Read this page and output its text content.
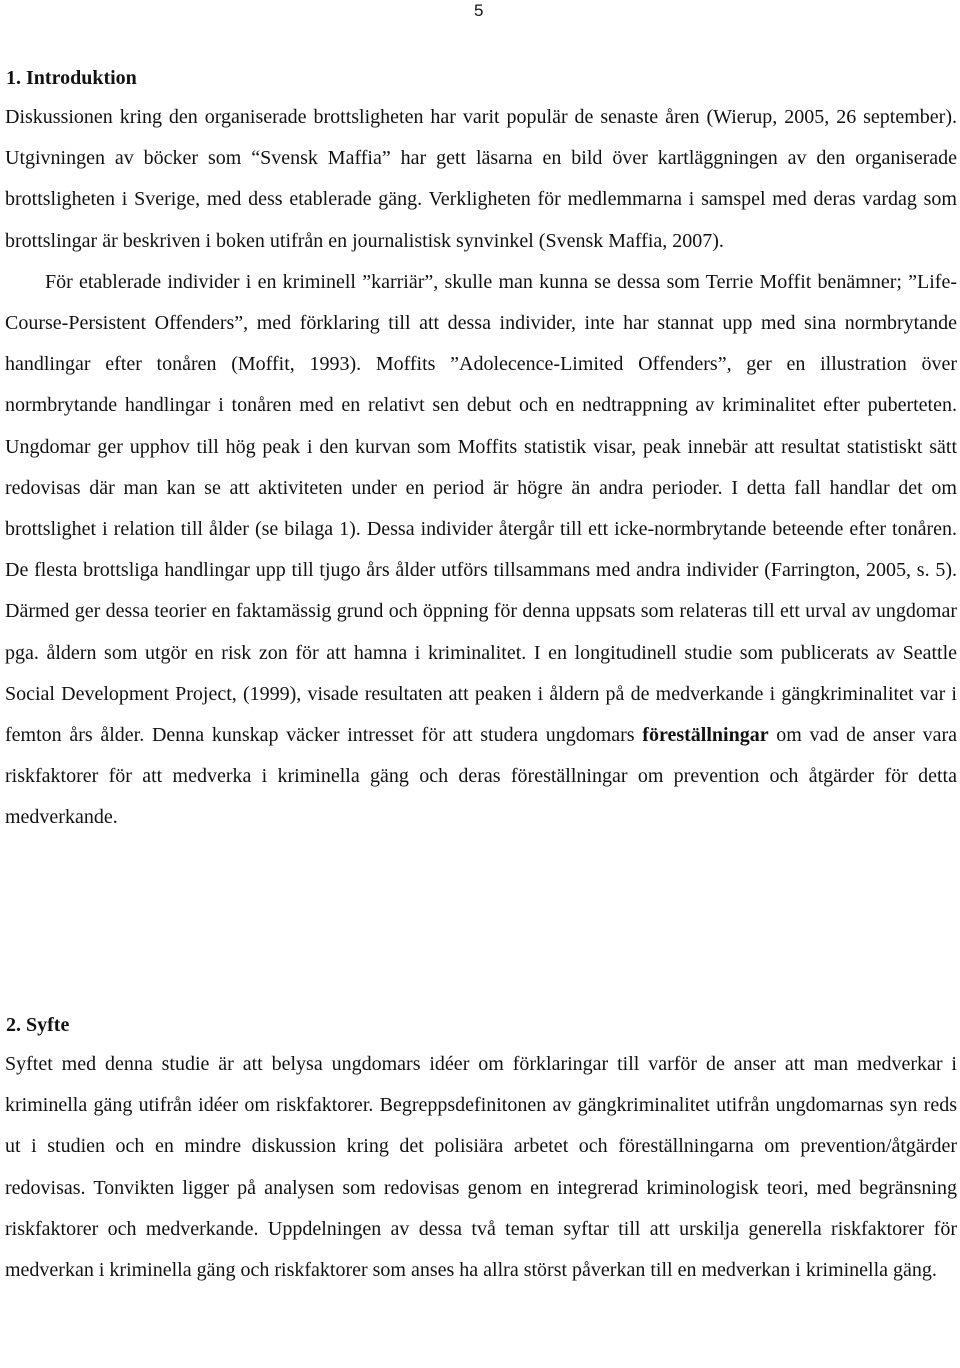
5
1. Introduktion

Diskussionen kring den organiserade brottsligheten har varit populär de senaste åren (Wierup, 2005, 26 september). Utgivningen av böcker som “Svensk Maffia” har gett läsarna en bild över kartläggningen av den organiserade brottsligheten i Sverige, med dess etablerade gäng. Verkligheten för medlemmarna i samspel med deras vardag som brottslingar är beskriven i boken utifrån en journalistisk synvinkel (Svensk Maffia, 2007).

För etablerade individer i en kriminell ”karriär”, skulle man kunna se dessa som Terrie Moffit benämner; ”Life-Course-Persistent Offenders”, med förklaring till att dessa individer, inte har stannat upp med sina normbrytande handlingar efter tonåren (Moffit, 1993). Moffits ”Adolecence-Limited Offenders”, ger en illustration över normbrytande handlingar i tonåren med en relativt sen debut och en nedtrappning av kriminalitet efter puberteten. Ungdomar ger upphov till hög peak i den kurvan som Moffits statistik visar, peak innebär att resultat statistiskt sätt redovisas där man kan se att aktiviteten under en period är högre än andra perioder. I detta fall handlar det om brottslighet i relation till ålder (se bilaga 1). Dessa individer återgår till ett icke-normbrytande beteende efter tonåren. De flesta brottsliga handlingar upp till tjugo års ålder utförs tillsammans med andra individer (Farrington, 2005, s. 5). Därmed ger dessa teorier en faktamässig grund och öppning för denna uppsats som relateras till ett urval av ungdomar pga. åldern som utgör en risk zon för att hamna i kriminalitet. I en longitudinell studie som publicerats av Seattle Social Development Project, (1999), visade resultaten att peaken i åldern på de medverkande i gängkriminalitet var i femton års ålder. Denna kunskap väcker intresset för att studera ungdomars föreställningar om vad de anser vara riskfaktorer för att medverka i kriminella gäng och deras föreställningar om prevention och åtgärder för detta medverkande.

2. Syfte

Syftet med denna studie är att belysa ungdomars idéer om förklaringar till varför de anser att man medverkar i kriminella gäng utifrån idéer om riskfaktorer. Begreppsdefinitonen av gängkriminalitet utifrån ungdomarnas syn reds ut i studien och en mindre diskussion kring det polisiära arbetet och föreställningarna om prevention/åtgärder redovisas. Tonvikten ligger på analysen som redovisas genom en integrerad kriminologisk teori, med begränsning riskfaktorer och medverkande. Uppdelningen av dessa två teman syftar till att urskilja generella riskfaktorer för medverkan i kriminella gäng och riskfaktorer som anses ha allra störst påverkan till en medverkan i kriminella gäng.
